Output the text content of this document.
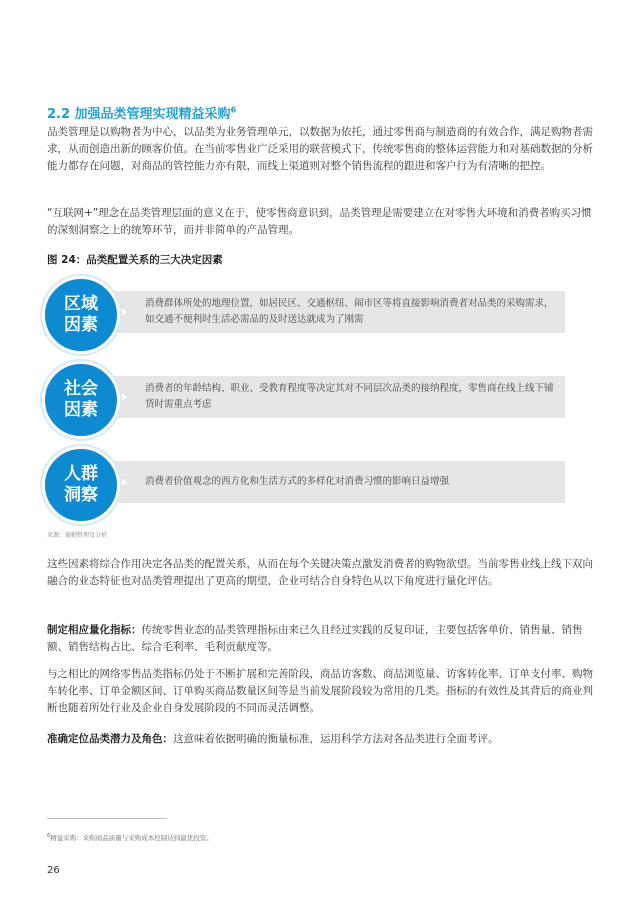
2.2 加强品类管理实现精益采购$^6$

品类管理是以购物者为中心，以品类为业务管理单元，以数据为依托，通过零售商与制造商的有效合作，满足购物者需求，从而创造出新的顾客价值。在当前零售业广泛采用的联营模式下，传统零售商的整体运营能力和对基础数据的分析能力都存在问题，对商品的管控能力亦有限，而线上渠道则对整个销售流程的跟进和客户行为有清晰的把控。

“互联网+”理念在品类管理层面的意义在于，使零售商意识到，品类管理是需要建立在对零售大环境和消费者购买习惯的深刻洞察之上的统筹环节，而并非简单的产品管理。

图 24：品类配置关系的三大决定因素
消费群体所处的地理位置，如居民区、交通枢纽、闹市区等将直接影响消费者对品类的采购需求，如交通不便利时生活必需品的及时送达就成为了刚需
区域因素
消费者的年龄结构、职业、受教育程度等决定其对不同层次品类的接纳程度，零售商在线上线下铺货时需重点考虑
社会因素
消费者价值观念的西方化和生活方式的多样化对消费习惯的影响日益增强
人群洞察
来源：德勤整理及分析

这些因素将综合作用决定各品类的配置关系，从而在每个关键决策点激发消费者的购物欲望。当前零售业线上线下双向融合的业态特征也对品类管理提出了更高的期望，企业可结合自身特色从以下角度进行量化评估。

制定相应量化指标：传统零售业态的品类管理指标由来已久且经过实践的反复印证，主要包括客单价、销售量、销售额、销售结构占比、综合毛利率、毛利贡献度等。

与之相比的网络零售品类指标仍处于不断扩展和完善阶段，商品访客数、商品浏览量、访客转化率、订单支付率、购物车转化率、订单金额区间、订单购买商品数量区间等是当前发展阶段较为常用的几类。指标的有效性及其背后的商业判断也随着所处行业及企业自身发展阶段的不同而灵活调整。

准确定位品类潜力及角色：这意味着依据明确的衡量标准，运用科学方法对各品类进行全面考评。

$^6$精益采购：采购商品质量与采购成本控制达到最优投资。
26
